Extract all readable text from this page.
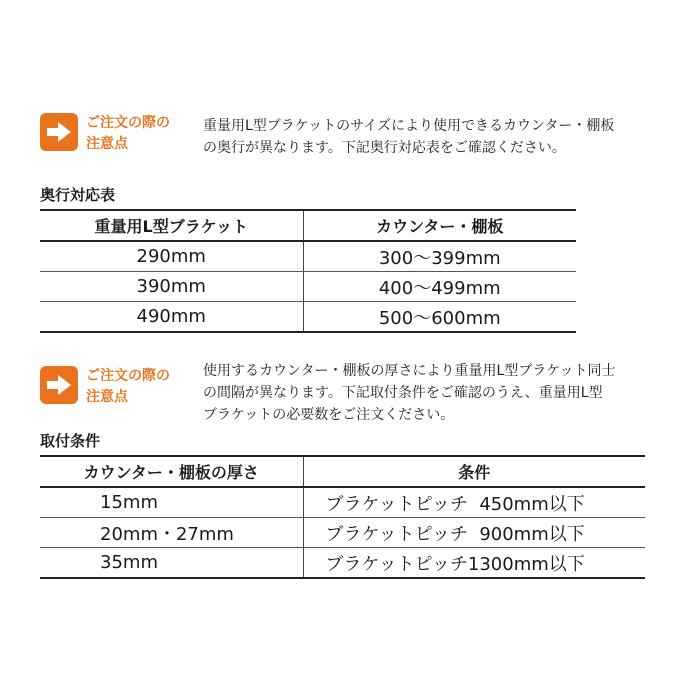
ご注文の際の
注意点
重量用L型ブラケットのサイズにより使用できるカウンター・棚板
の奥行が異なります。下記奥行対応表をご確認ください。
奥行対応表
重量用L型ブラケット	カウンター・棚板
290mm	300〜399mm
390mm	400〜499mm
490mm	500〜600mm
ご注文の際の
注意点
使用するカウンター・棚板の厚さにより重量用L型ブラケット同士
の間隔が異なります。下記取付条件をご確認のうえ、重量用L型
ブラケットの必要数をご注文ください。
取付条件
カウンター・棚板の厚さ	条件
15mm	ブラケットピッチ  450mm以下
20mm・27mm	ブラケットピッチ  900mm以下
35mm	ブラケットピッチ1300mm以下
